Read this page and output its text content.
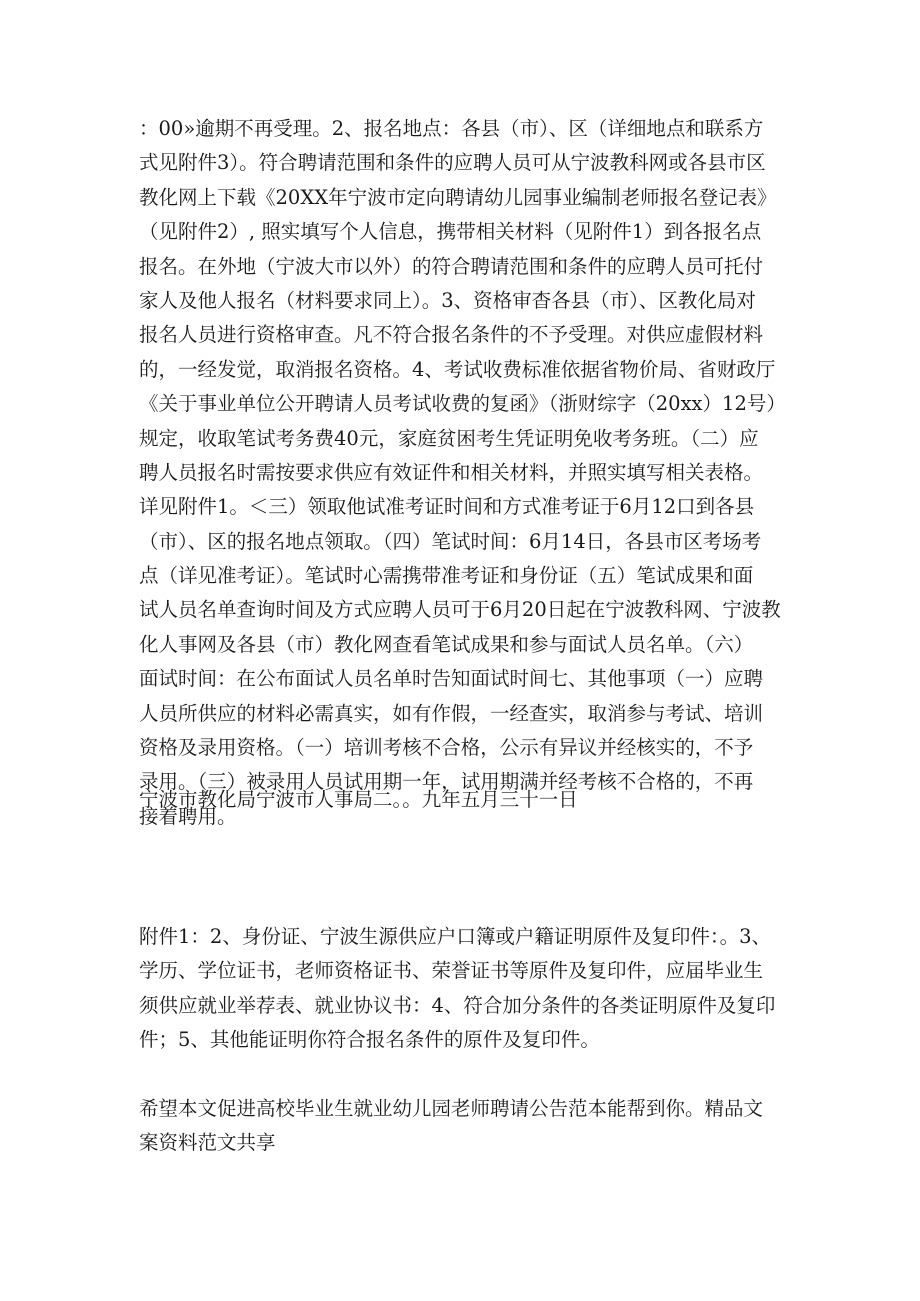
：00»逾期不再受理。2、报名地点：各县（市）、区（详细地点和联系方
式见附件3）。符合聘请范围和条件的应聘人员可从宁波教科网或各县市区
教化网上下载《20XX年宁波市定向聘请幼儿园事业编制老师报名登记表》
（见附件2）, 照实填写个人信息，携带相关材料（见附件1）到各报名点
报名。在外地（宁波大市以外）的符合聘请范围和条件的应聘人员可托付
家人及他人报名（材料要求同上）。3、资格审杳各县（市）、区教化局对
报名人员进行资格审查。凡不符合报名条件的不予受理。对供应虚假材料
的，一经发觉，取消报名资格。4、考试收费标准依据省物价局、省财政厅
《关于事业单位公开聘请人员考试收费的复函》（浙财综字（20xx）12号）
规定，收取笔试考务费40元，家庭贫困考生凭证明免收考务班。（二）应
聘人员报名时需按要求供应有效证件和相关材料，并照实填写相关表格。
详见附件1。＜三）领取他试准考证时间和方式准考证于6月12口到各县
（市）、区的报名地点领取。（四）笔试时间：6月14日，各县市区考场考
点（详见准考证）。笔试时心需携带准考证和身份证（五）笔试成果和面
试人员名单查询时间及方式应聘人员可于6月20日起在宁波教科网、宁波教
化人事网及各县（市）教化网查看笔试成果和参与面试人员名单。（六）
面试时间：在公布面试人员名单时告知面试时间七、其他事项（一）应聘
人员所供应的材料必需真实，如有作假，一经查实，取消参与考试、培训
资格及录用资格。（一）培训考核不合格，公示有异议并经核实的，不予
录用。（三）被录用人员试用期一年，试用期满并经考核不合格的，不再
接着聘用。

宁波市教化局宁波市人事局二。。九年五月三十一日

附件1：2、身份证、宁波生源供应户口簿或户籍证明原件及复印件：。3、
学历、学位证书，老师资格证书、荣誉证书等原件及复印件，应届毕业生
须供应就业举荐表、就业协议书：4、符合加分条件的各类证明原件及复印
件；5、其他能证明你符合报名条件的原件及复印件。

希望本文促进高校毕业生就业幼儿园老师聘请公告范本能帮到你。精品文
案资料范文共享
